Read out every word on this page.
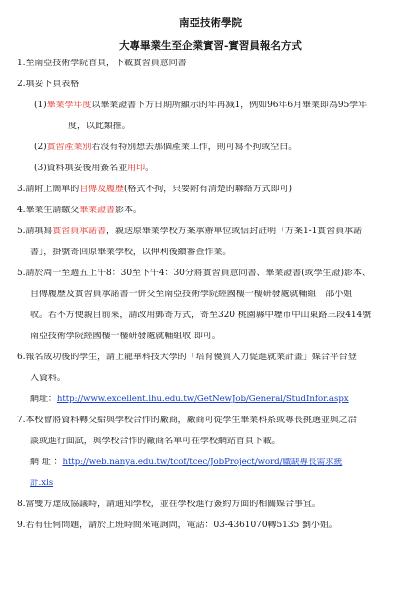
南亞技術學院
大專畢業生至企業實習-實習員報名方式
1.至南亞技術學院首頁，下載實習員意向書
2.填妥下頁表格
(1)畢業學年度以畢業證書下方日期所顯示的年再減1，例如96年6月畢業即為95學年
度，以此類推。
(2)實習產業別若沒有特別想去那個產業工作，則可寫不拘或空白。
(3)資料填妥後用簽名並用印。
3.請附上簡單的自傳及履歷(格式不拘，只要附有清楚的聯絡方式即可)
4.畢業生請繳交畢業證書影本。
5.請填寫實習員承諾書，親送原畢業學校方案承辦單位或信封註明「方案1-1實習員承諾
書」，掛號寄回原畢業學校，以伸利後續審查作業。
5.請於周一至週五上午8：30至下午4：30分將實習員意向書、畢業證書(或學生證)影本、
自傳履歷及實習員承諾書一併交至南亞技術學院經國樓一樓研發處就輔組　邵小姐
收。若不方便親自前來，請改用郵寄方式，寄至320 桃園縣中壢市中山東路三段414號
南亞技術學院經國樓一樓研發處就輔組收 即可。
6.報名成功後的學生，請上龍華科技大學的「培育優質人力促進就業計畫」媒合平台登
入資料。
網址：http://www.excellent.lhu.edu.tw/GetNewJob/General/StudInfor.aspx
7.本校會將資料轉交給與學校合作的廠商，廠商可從學生畢業科系或專長挑選並與之洽
談或進行面試，與學校合作的廠商名單可在學校網站首頁下載。
網 址 ：http://web.nanya.edu.tw/tcof/tcec/JobProject/word/職缺專長需求統
計.xls
8.當雙方達成協議時，請通知學校，並在學校進行簽約方面的相關媒合事宜。
9.若有任何問題，請於上班時間來電詢問，電話：03-4361070轉5135 劉小姐。
